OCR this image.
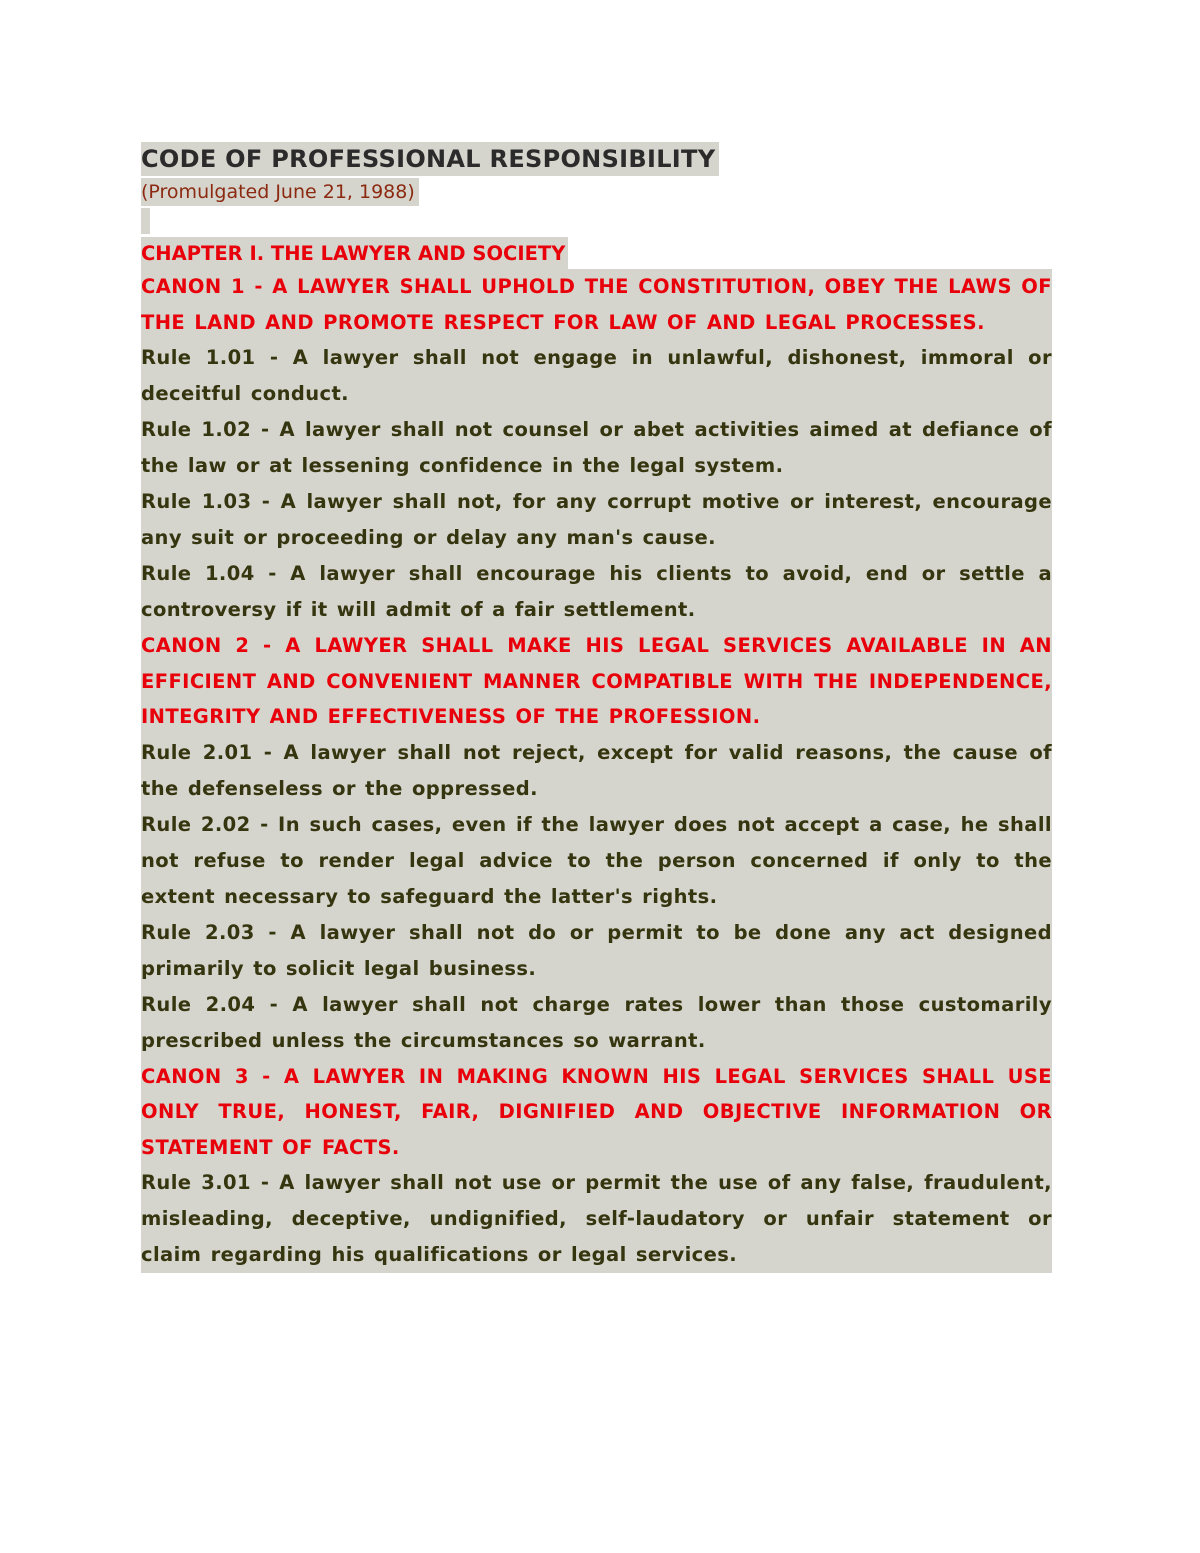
CODE OF PROFESSIONAL RESPONSIBILITY
(Promulgated June 21, 1988)
CHAPTER I. THE LAWYER AND SOCIETY

CANON 1 - A LAWYER SHALL UPHOLD THE CONSTITUTION, OBEY THE LAWS OF THE LAND AND PROMOTE RESPECT FOR LAW OF AND LEGAL PROCESSES.

Rule 1.01 - A lawyer shall not engage in unlawful, dishonest, immoral or deceitful conduct.

Rule 1.02 - A lawyer shall not counsel or abet activities aimed at defiance of the law or at lessening confidence in the legal system.

Rule 1.03 - A lawyer shall not, for any corrupt motive or interest, encourage any suit or proceeding or delay any man's cause.

Rule 1.04 - A lawyer shall encourage his clients to avoid, end or settle a controversy if it will admit of a fair settlement.

CANON 2 - A LAWYER SHALL MAKE HIS LEGAL SERVICES AVAILABLE IN AN EFFICIENT AND CONVENIENT MANNER COMPATIBLE WITH THE INDEPENDENCE, INTEGRITY AND EFFECTIVENESS OF THE PROFESSION.

Rule 2.01 - A lawyer shall not reject, except for valid reasons, the cause of the defenseless or the oppressed.

Rule 2.02 - In such cases, even if the lawyer does not accept a case, he shall not refuse to render legal advice to the person concerned if only to the extent necessary to safeguard the latter's rights.

Rule 2.03 - A lawyer shall not do or permit to be done any act designed primarily to solicit legal business.

Rule 2.04 - A lawyer shall not charge rates lower than those customarily prescribed unless the circumstances so warrant.

CANON 3 - A LAWYER IN MAKING KNOWN HIS LEGAL SERVICES SHALL USE ONLY TRUE, HONEST, FAIR, DIGNIFIED AND OBJECTIVE INFORMATION OR STATEMENT OF FACTS.

Rule 3.01 - A lawyer shall not use or permit the use of any false, fraudulent, misleading, deceptive, undignified, self-laudatory or unfair statement or claim regarding his qualifications or legal services.
